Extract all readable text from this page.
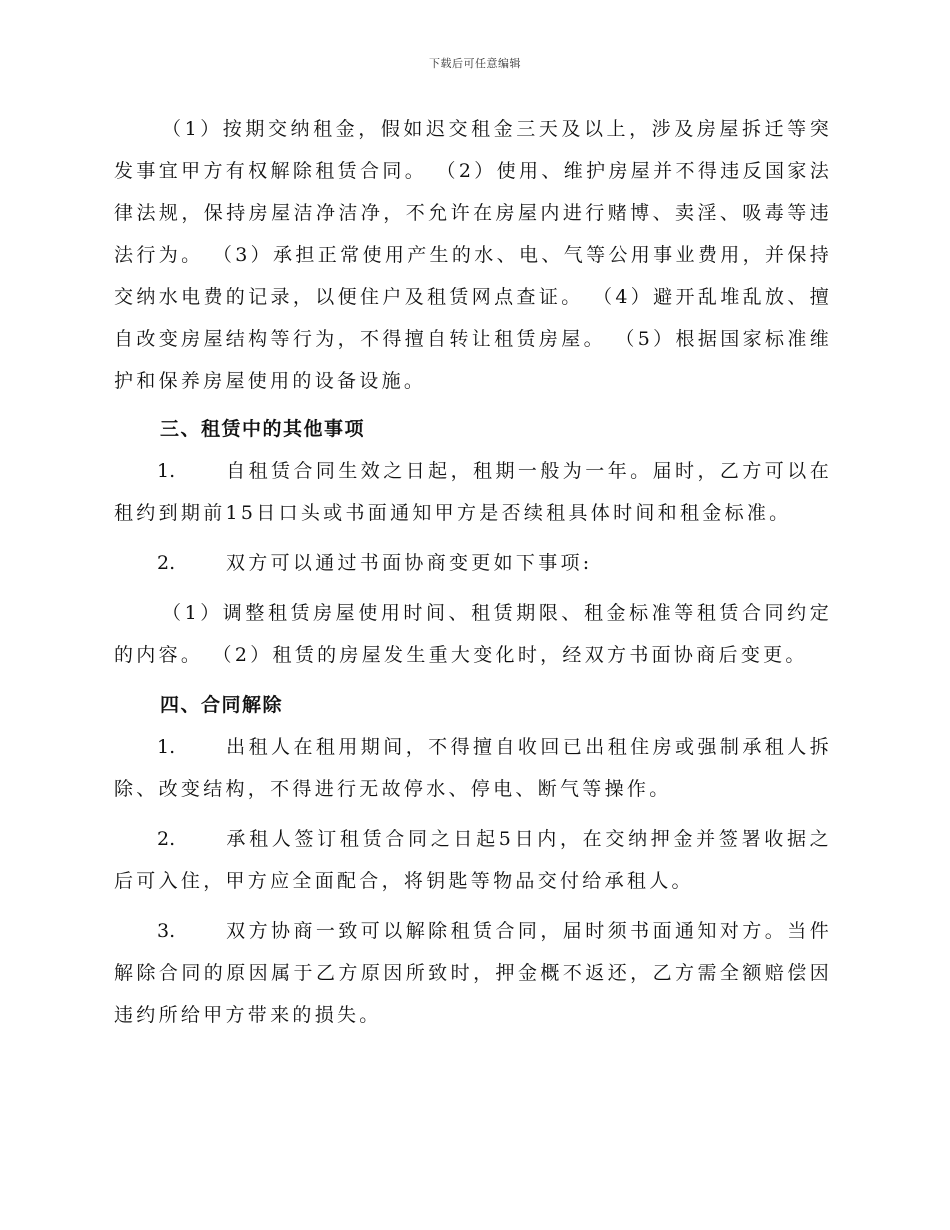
下载后可任意编辑

（1）按期交纳租金，假如迟交租金三天及以上，涉及房屋拆迁等突发事宜甲方有权解除租赁合同。 （2）使用、维护房屋并不得违反国家法律法规，保持房屋洁净洁净，不允许在房屋内进行赌博、卖淫、吸毒等违法行为。 （3）承担正常使用产生的水、电、气等公用事业费用，并保持交纳水电费的记录，以便住户及租赁网点查证。 （4）避开乱堆乱放、擅自改变房屋结构等行为，不得擅自转让租赁房屋。 （5）根据国家标准维护和保养房屋使用的设备设施。

三、租赁中的其他事项

1.	自租赁合同生效之日起，租期一般为一年。届时，乙方可以在租约到期前15日口头或书面通知甲方是否续租具体时间和租金标准。

2.	双方可以通过书面协商变更如下事项:

（1）调整租赁房屋使用时间、租赁期限、租金标准等租赁合同约定的内容。 （2）租赁的房屋发生重大变化时，经双方书面协商后变更。

四、合同解除

1.	出租人在租用期间，不得擅自收回已出租住房或强制承租人拆除、改变结构，不得进行无故停水、停电、断气等操作。

2.	承租人签订租赁合同之日起5日内，在交纳押金并签署收据之后可入住，甲方应全面配合，将钥匙等物品交付给承租人。

3.	双方协商一致可以解除租赁合同，届时须书面通知对方。当件解除合同的原因属于乙方原因所致时，押金概不返还，乙方需全额赔偿因违约所给甲方带来的损失。
